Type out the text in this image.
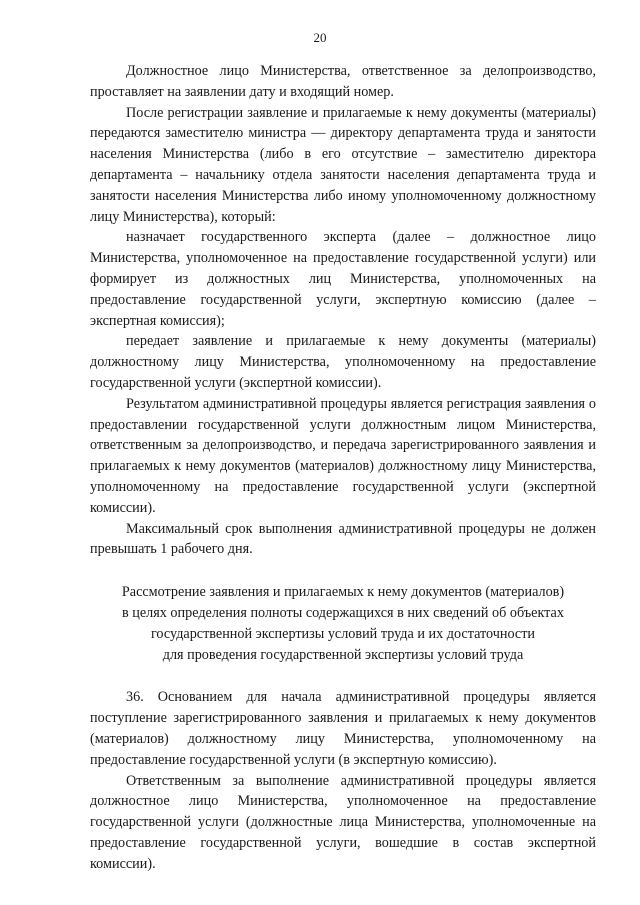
20

Должностное лицо Министерства, ответственное за делопроизводство, проставляет на заявлении дату и входящий номер.

После регистрации заявление и прилагаемые к нему документы (материалы) передаются заместителю министра — директору департамента труда и занятости населения Министерства (либо в его отсутствие – заместителю директора департамента – начальнику отдела занятости населения департамента труда и занятости населения Министерства либо иному уполномоченному должностному лицу Министерства), который:

назначает государственного эксперта (далее – должностное лицо Министерства, уполномоченное на предоставление государственной услуги) или формирует из должностных лиц Министерства, уполномоченных на предоставление государственной услуги, экспертную комиссию (далее – экспертная комиссия);

передает заявление и прилагаемые к нему документы (материалы) должностному лицу Министерства, уполномоченному на предоставление государственной услуги (экспертной комиссии).

Результатом административной процедуры является регистрация заявления о предоставлении государственной услуги должностным лицом Министерства, ответственным за делопроизводство, и передача зарегистрированного заявления и прилагаемых к нему документов (материалов) должностному лицу Министерства, уполномоченному на предоставление государственной услуги (экспертной комиссии).

Максимальный срок выполнения административной процедуры не должен превышать 1 рабочего дня.

Рассмотрение заявления и прилагаемых к нему документов (материалов)
в целях определения полноты содержащихся в них сведений об объектах
государственной экспертизы условий труда и их достаточности
для проведения государственной экспертизы условий труда

36. Основанием для начала административной процедуры является поступление зарегистрированного заявления и прилагаемых к нему документов (материалов) должностному лицу Министерства, уполномоченному на предоставление государственной услуги (в экспертную комиссию).

Ответственным за выполнение административной процедуры является должностное лицо Министерства, уполномоченное на предоставление государственной услуги (должностные лица Министерства, уполномоченные на предоставление государственной услуги, вошедшие в состав экспертной комиссии).
